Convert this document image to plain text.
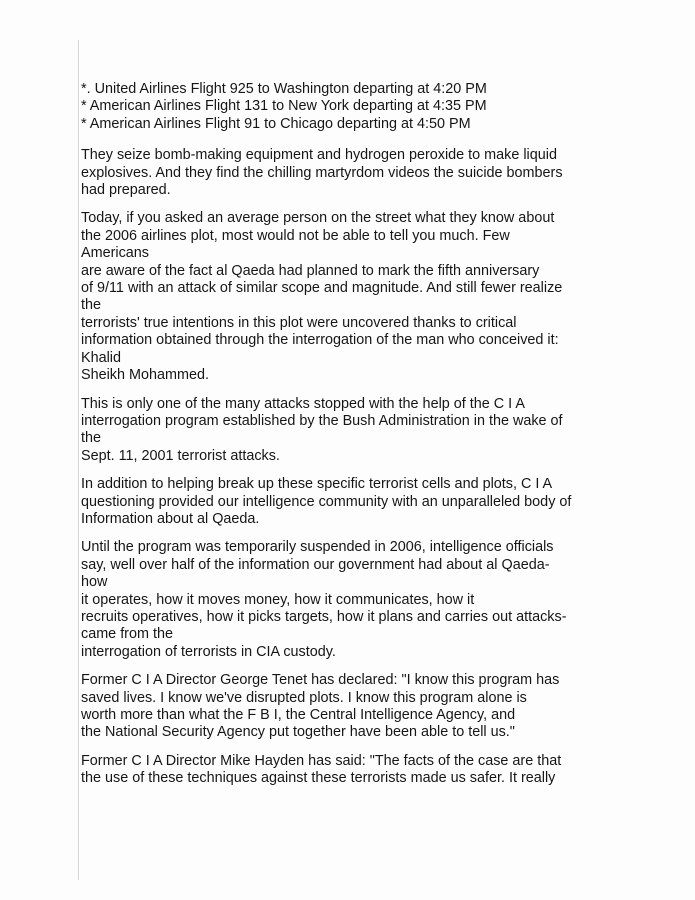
*. United Airlines Flight 925 to Washington departing at 4:20 PM
* American Airlines Flight 131 to New York departing at 4:35 PM
* American Airlines Flight 91 to Chicago departing at 4:50 PM
They seize bomb-making equipment and hydrogen peroxide to make liquid
explosives. And they find the chilling martyrdom videos the suicide bombers
had prepared.
Today, if you asked an average person on the street what they know about
the 2006 airlines plot, most would not be able to tell you much. Few
Americans
are aware of the fact al Qaeda had planned to mark the fifth anniversary
of 9/11 with an attack of similar scope and magnitude. And still fewer realize
the
terrorists' true intentions in this plot were uncovered thanks to critical
information obtained through the interrogation of the man who conceived it:
Khalid
Sheikh Mohammed.
This is only one of the many attacks stopped with the help of the C I A
interrogation program established by the Bush Administration in the wake of
the
Sept. 11, 2001 terrorist attacks.
In addition to helping break up these specific terrorist cells and plots, C I A
questioning provided our intelligence community with an unparalleled body of
Information about al Qaeda.
Until the program was temporarily suspended in 2006, intelligence officials
say, well over half of the information our government had about al Qaeda-
how
it operates, how it moves money, how it communicates, how it
recruits operatives, how it picks targets, how it plans and carries out attacks-
came from the
interrogation of terrorists in CIA custody.
Former C I A Director George Tenet has declared: "I know this program has
saved lives. I know we've disrupted plots. I know this program alone is
worth more than what the F B I, the Central Intelligence Agency, and
the National Security Agency put together have been able to tell us."
Former C I A Director Mike Hayden has said: "The facts of the case are that
the use of these techniques against these terrorists made us safer. It really
